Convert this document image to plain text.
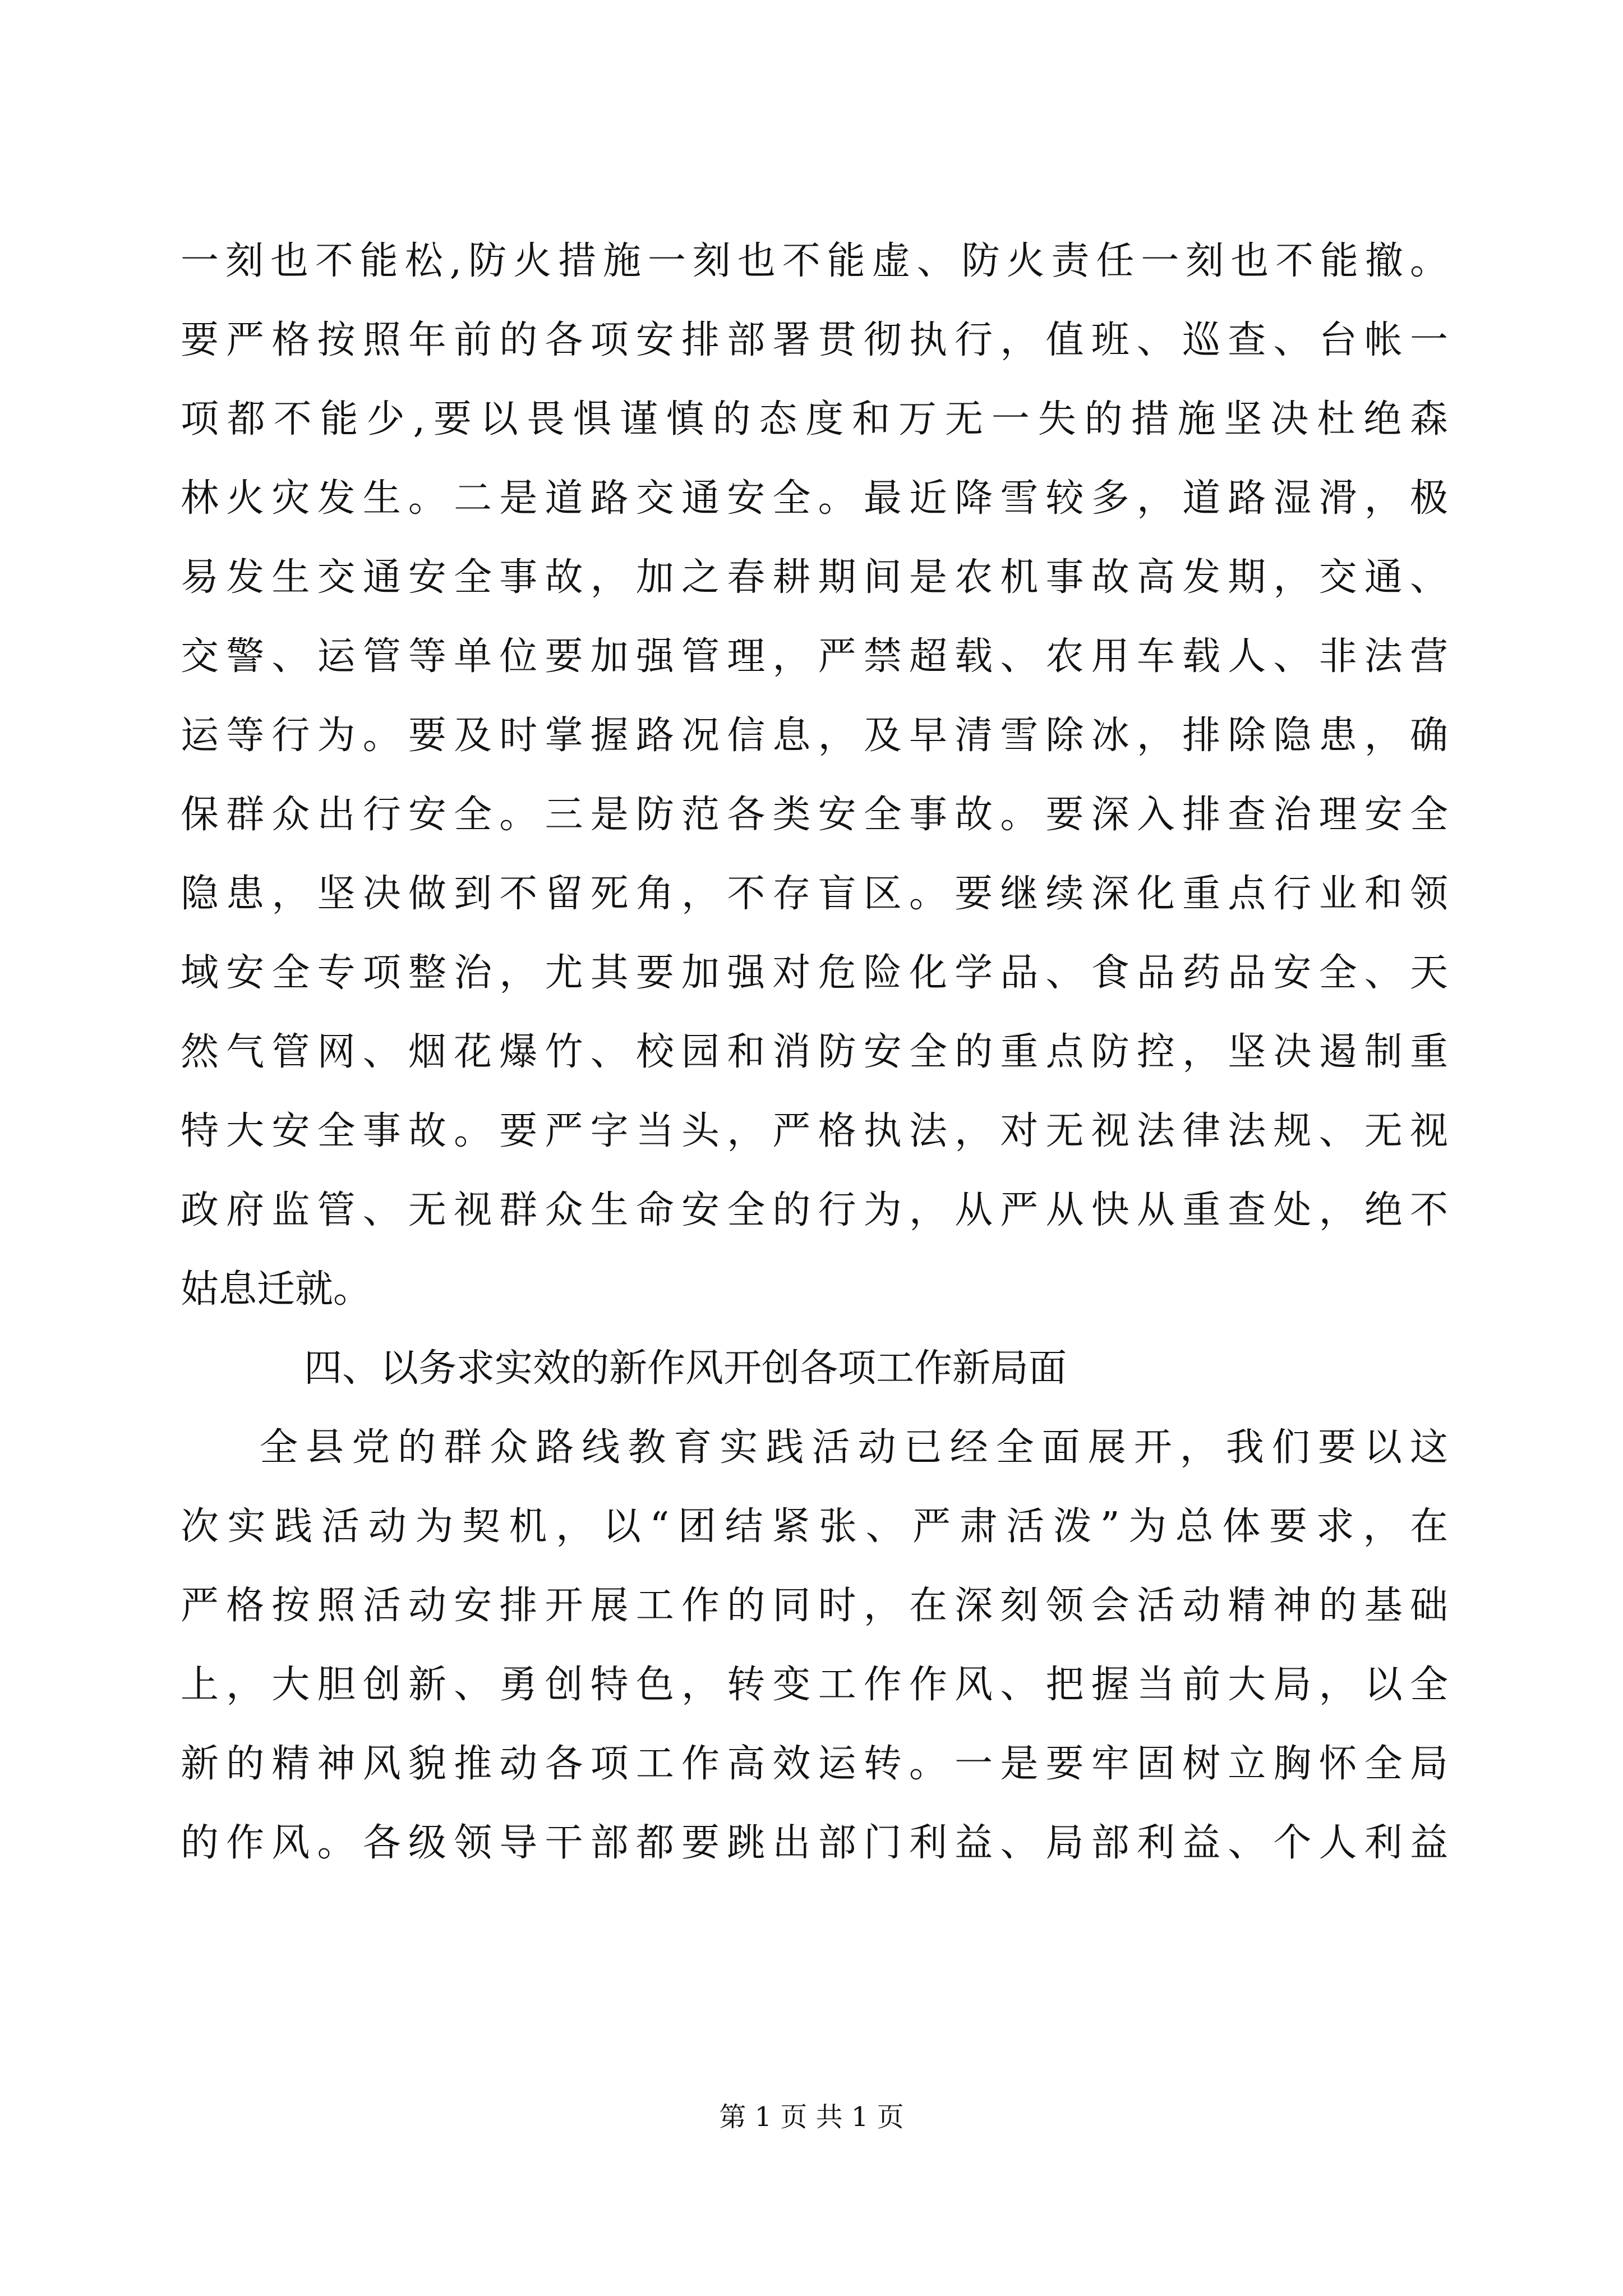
一刻也不能松,防火措施一刻也不能虚、防火责任一刻也不能撤。
要严格按照年前的各项安排部署贯彻执行，值班、巡查、台帐一
项都不能少,要以畏惧谨慎的态度和万无一失的措施坚决杜绝森
林火灾发生。二是道路交通安全。最近降雪较多，道路湿滑，极
易发生交通安全事故，加之春耕期间是农机事故高发期，交通、
交警、运管等单位要加强管理，严禁超载、农用车载人、非法营
运等行为。要及时掌握路况信息，及早清雪除冰，排除隐患，确
保群众出行安全。三是防范各类安全事故。要深入排查治理安全
隐患，坚决做到不留死角，不存盲区。要继续深化重点行业和领
域安全专项整治，尤其要加强对危险化学品、食品药品安全、天
然气管网、烟花爆竹、校园和消防安全的重点防控，坚决遏制重
特大安全事故。要严字当头，严格执法，对无视法律法规、无视
政府监管、无视群众生命安全的行为，从严从快从重查处，绝不
姑息迁就。
四、以务求实效的新作风开创各项工作新局面
全县党的群众路线教育实践活动已经全面展开，我们要以这
次实践活动为契机，以“团结紧张、严肃活泼”为总体要求，在
严格按照活动安排开展工作的同时，在深刻领会活动精神的基础
上，大胆创新、勇创特色，转变工作作风、把握当前大局，以全
新的精神风貌推动各项工作高效运转。一是要牢固树立胸怀全局
的作风。各级领导干部都要跳出部门利益、局部利益、个人利益
第 1 页 共 1 页
